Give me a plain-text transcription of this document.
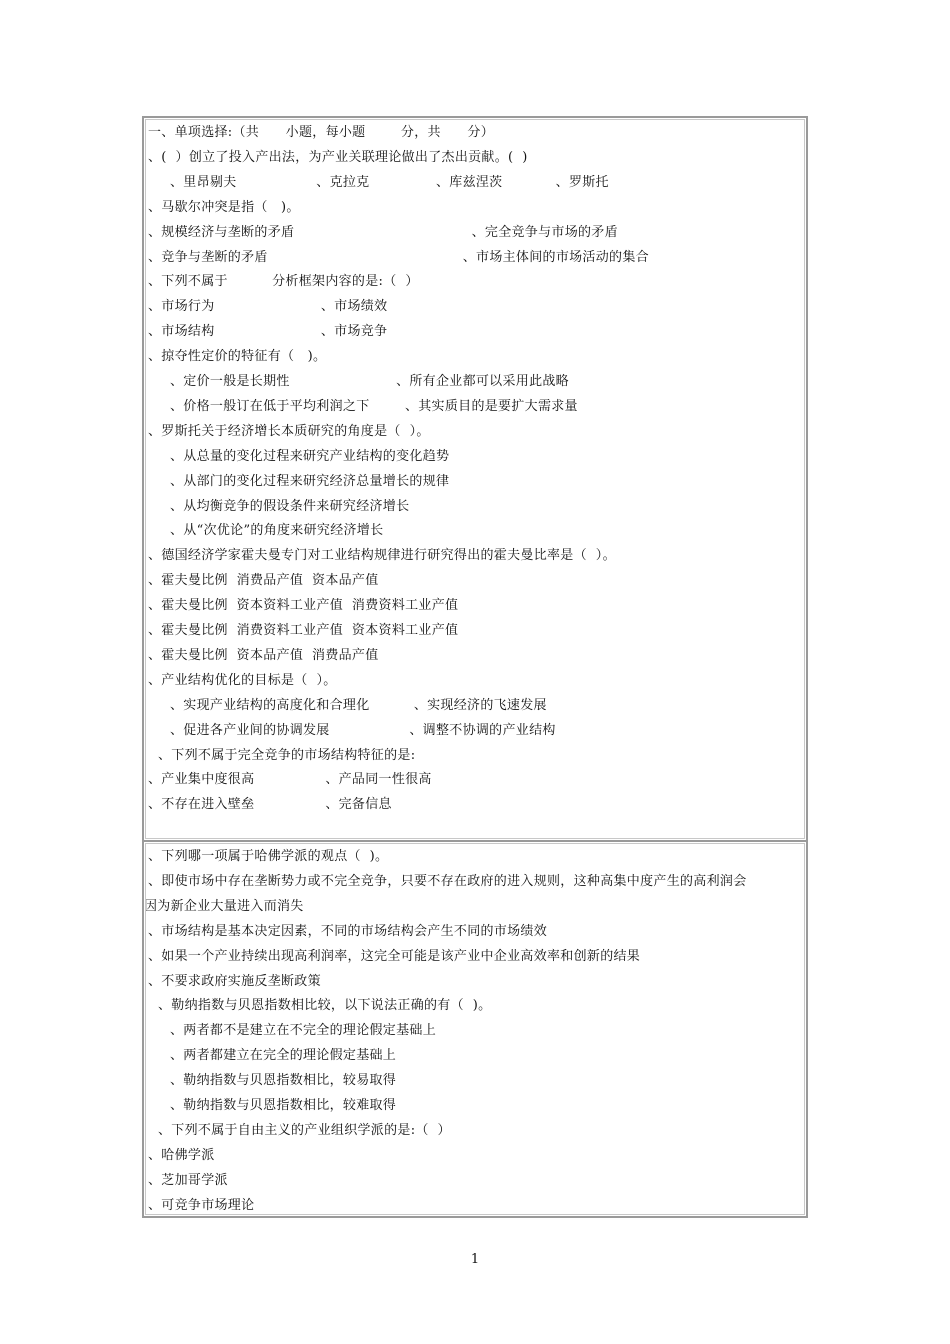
一、单项选择:（共      小题，每小题        分，共      分）
、(  ）创立了投入产出法，为产业关联理论做出了杰出贡献。(  )
、里昂剔夫                  、克拉克               、库兹涅茨            、罗斯托
、马歇尔冲突是指（   )。
、规模经济与垄断的矛盾                                        、完全竞争与市场的矛盾
、竞争与垄断的矛盾                                            、市场主体间的市场活动的集合
、下列不属于          分析框架内容的是:（  ）
、市场行为                        、市场绩效
、市场结构                        、市场竞争
、掠夺性定价的特征有（   )。
、定价一般是长期性                        、所有企业都可以采用此战略
、价格一般订在低于平均利润之下        、其实质目的是要扩大需求量
、罗斯托关于经济增长本质研究的角度是（  ）。
、从总量的变化过程来研究产业结构的变化趋势
、从部门的变化过程来研究经济总量增长的规律
、从均衡竞争的假设条件来研究经济增长
、从“次优论”的角度来研究经济增长
、德国经济学家霍夫曼专门对工业结构规律进行研究得出的霍夫曼比率是（  ）。
、霍夫曼比例  消费品产值  资本品产值
、霍夫曼比例  资本资料工业产值  消费资料工业产值
、霍夫曼比例  消费资料工业产值  资本资料工业产值
、霍夫曼比例  资本品产值  消费品产值
、产业结构优化的目标是（  ）。
、实现产业结构的高度化和合理化          、实现经济的飞速发展
、促进各产业间的协调发展                  、调整不协调的产业结构
、下列不属于完全竞争的市场结构特征的是:
、产业集中度很高                、产品同一性很高
、不存在进入壁垒                、完备信息
、下列哪一项属于哈佛学派的观点（  )。
、即使市场中存在垄断势力或不完全竞争，只要不存在政府的进入规则，这种高集中度产生的高利润会
因为新企业大量进入而消失
、市场结构是基本决定因素，不同的市场结构会产生不同的市场绩效
、如果一个产业持续出现高利润率，这完全可能是该产业中企业高效率和创新的结果
、不要求政府实施反垄断政策
、勒纳指数与贝恩指数相比较，以下说法正确的有（  )。
、两者都不是建立在不完全的理论假定基础上
、两者都建立在完全的理论假定基础上
、勒纳指数与贝恩指数相比，较易取得
、勒纳指数与贝恩指数相比，较难取得
、下列不属于自由主义的产业组织学派的是:（  ）
、哈佛学派
、芝加哥学派
、可竞争市场理论
1
